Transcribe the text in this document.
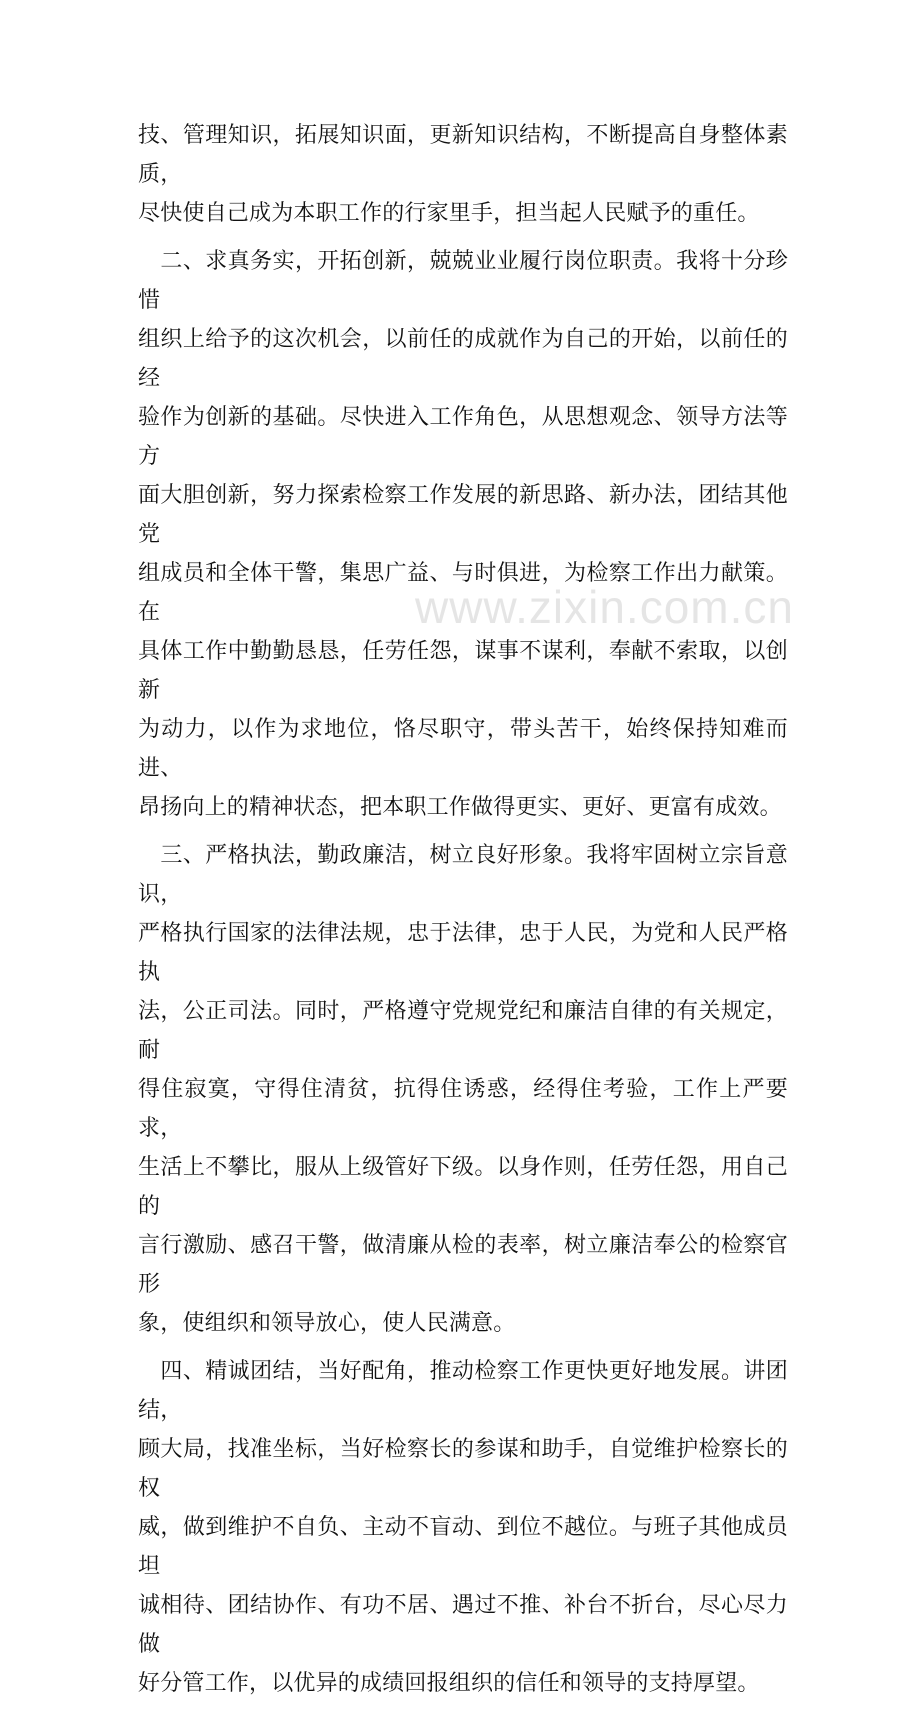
技、管理知识，拓展知识面，更新知识结构，不断提高自身整体素质，
尽快使自己成为本职工作的行家里手，担当起人民赋予的重任。

　二、求真务实，开拓创新，兢兢业业履行岗位职责。我将十分珍惜
组织上给予的这次机会，以前任的成就作为自己的开始，以前任的经
验作为创新的基础。尽快进入工作角色，从思想观念、领导方法等方
面大胆创新，努力探索检察工作发展的新思路、新办法，团结其他党
组成员和全体干警，集思广益、与时俱进，为检察工作出力献策。在
具体工作中勤勤恳恳，任劳任怨，谋事不谋利，奉献不索取，以创新
为动力，以作为求地位，恪尽职守，带头苦干，始终保持知难而进、
昂扬向上的精神状态，把本职工作做得更实、更好、更富有成效。

　三、严格执法，勤政廉洁，树立良好形象。我将牢固树立宗旨意识，
严格执行国家的法律法规，忠于法律，忠于人民，为党和人民严格执
法，公正司法。同时，严格遵守党规党纪和廉洁自律的有关规定，耐
得住寂寞，守得住清贫，抗得住诱惑，经得住考验，工作上严要求，
生活上不攀比，服从上级管好下级。以身作则，任劳任怨，用自己的
言行激励、感召干警，做清廉从检的表率，树立廉洁奉公的检察官形
象，使组织和领导放心，使人民满意。

　四、精诚团结，当好配角，推动检察工作更快更好地发展。讲团结，
顾大局，找准坐标，当好检察长的参谋和助手，自觉维护检察长的权
威，做到维护不自负、主动不盲动、到位不越位。与班子其他成员坦
诚相待、团结协作、有功不居、遇过不推、补台不折台，尽心尽力做
好分管工作，以优异的成绩回报组织的信任和领导的支持厚望。

www.zixin.com.cn
